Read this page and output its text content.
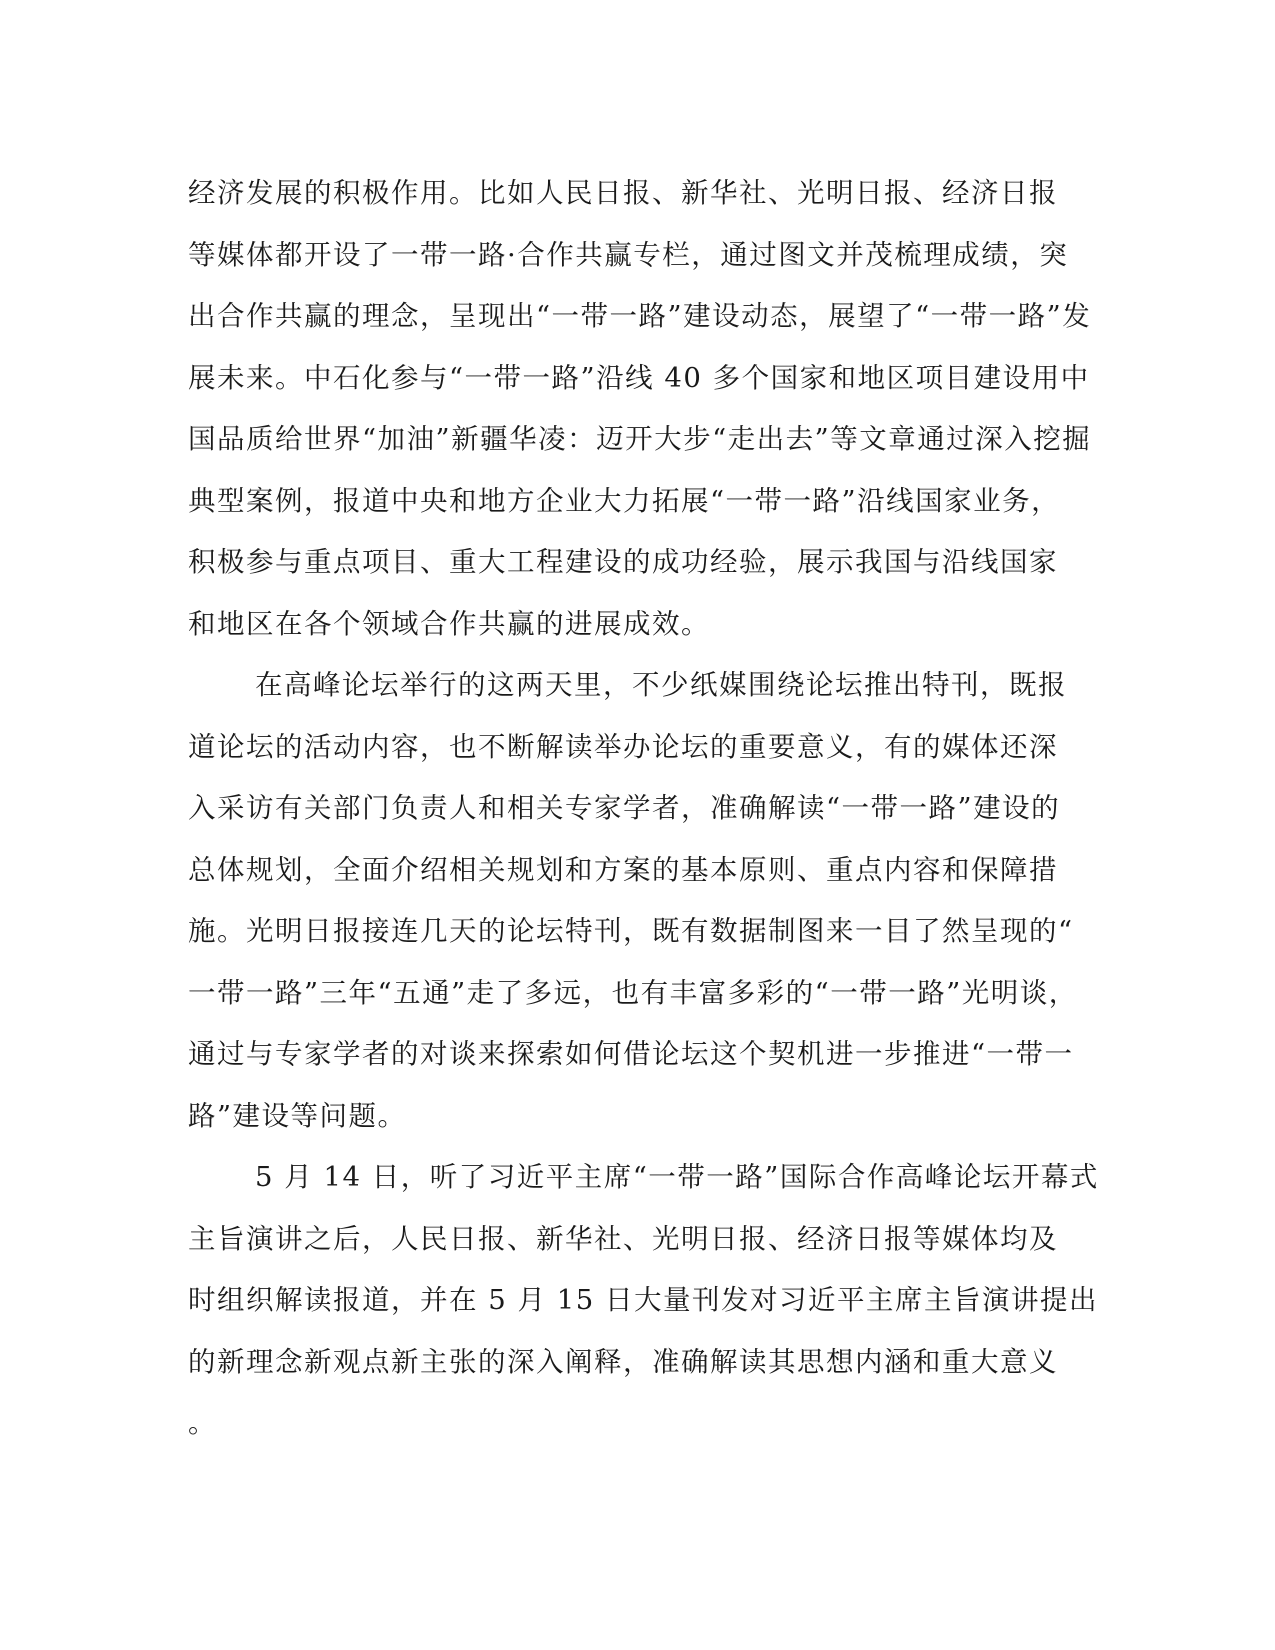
经济发展的积极作用。比如人民日报、新华社、光明日报、经济日报
等媒体都开设了一带一路·合作共赢专栏，通过图文并茂梳理成绩，突
出合作共赢的理念，呈现出“一带一路”建设动态，展望了“一带一路”发
展未来。中石化参与“一带一路”沿线 40 多个国家和地区项目建设用中
国品质给世界“加油”新疆华凌：迈开大步“走出去”等文章通过深入挖掘
典型案例，报道中央和地方企业大力拓展“一带一路”沿线国家业务，
积极参与重点项目、重大工程建设的成功经验，展示我国与沿线国家
和地区在各个领域合作共赢的进展成效。
在高峰论坛举行的这两天里，不少纸媒围绕论坛推出特刊，既报
道论坛的活动内容，也不断解读举办论坛的重要意义，有的媒体还深
入采访有关部门负责人和相关专家学者，准确解读“一带一路”建设的
总体规划，全面介绍相关规划和方案的基本原则、重点内容和保障措
施。光明日报接连几天的论坛特刊，既有数据制图来一目了然呈现的“
一带一路”三年“五通”走了多远，也有丰富多彩的“一带一路”光明谈，
通过与专家学者的对谈来探索如何借论坛这个契机进一步推进“一带一
路”建设等问题。
5 月 14 日，听了习近平主席“一带一路”国际合作高峰论坛开幕式
主旨演讲之后，人民日报、新华社、光明日报、经济日报等媒体均及
时组织解读报道，并在 5 月 15 日大量刊发对习近平主席主旨演讲提出
的新理念新观点新主张的深入阐释，准确解读其思想内涵和重大意义
。
